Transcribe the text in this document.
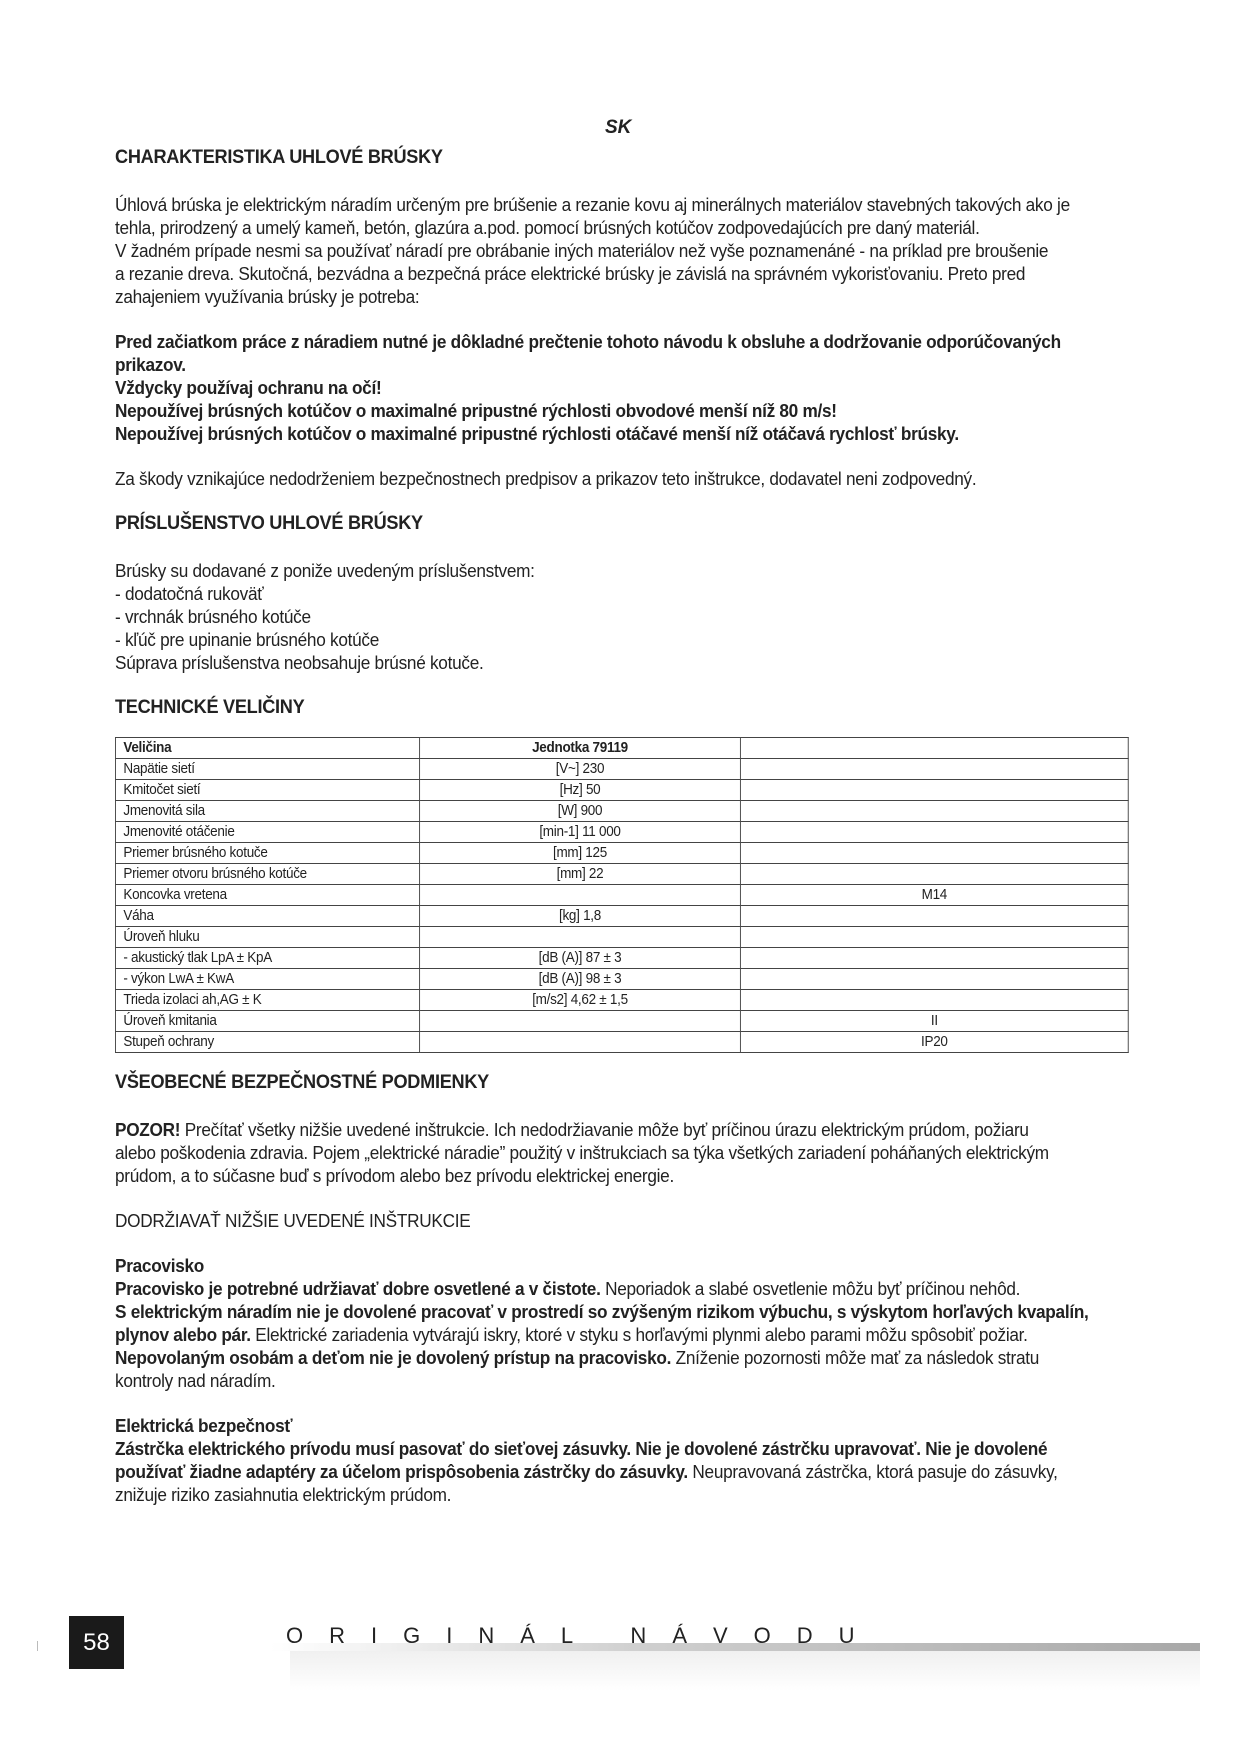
SK

CHARAKTERISTIKA UHLOVÉ BRÚSKY

Úhlová brúska je elektrickým náradím určeným pre brúšenie a rezanie kovu aj minerálnych materiálov stavebných takových ako je

tehla, prirodzený a umelý kameň, betón, glazúra a.pod. pomocí brúsných kotúčov zodpovedajúcích pre daný materiál.

V žadném prípade nesmi sa používať náradí pre obrábanie iných materiálov než vyše poznamenáné - na príklad pre broušenie

a rezanie dreva. Skutočná, bezvádna a bezpečná práce elektrické brúsky je závislá na správném vykorisťovaniu. Preto pred

zahajeniem využívania brúsky je potreba:

Pred začiatkom práce z náradiem nutné je dôkladné prečtenie tohoto návodu k obsluhe a dodržovanie odporúčovaných

prikazov.

Vždycky používaj ochranu na očí!

Nepoužívej brúsných kotúčov o maximalné pripustné rýchlosti obvodové menší níž 80 m/s!

Nepoužívej brúsných kotúčov o maximalné pripustné rýchlosti otáčavé menší níž otáčavá rychlosť brúsky.

Za škody vznikajúce nedodrženiem bezpečnostnech predpisov a prikazov teto inštrukce, dodavatel neni zodpovedný.

PRÍSLUŠENSTVO UHLOVÉ BRÚSKY

Brúsky su dodavané z poniže uvedeným príslušenstvem:

- dodatočná rukoväť

- vrchnák brúsného kotúče

- kľúč pre upinanie brúsného kotúče

Súprava príslušenstva neobsahuje brúsné kotuče.

TECHNICKÉ VELIČINY

Veličina	Jednotka 79119	
Napätie sietí	[V~] 230	
Kmitočet sietí	[Hz] 50	
Jmenovitá sila	[W] 900	
Jmenovité otáčenie	[min-1] 11 000	
Priemer brúsného kotuče	[mm] 125	
Priemer otvoru brúsného kotúče	[mm] 22	
Koncovka vretena		M14
Váha	[kg] 1,8	
Úroveň hluku		
- akustický tlak LpA ± KpA	[dB (A)] 87 ± 3	
- výkon LwA ± KwA	[dB (A)] 98 ± 3	
Trieda izolaci ah,AG ± K	[m/s2] 4,62 ± 1,5	
Úroveň kmitania		II
Stupeň ochrany		IP20

VŠEOBECNÉ BEZPEČNOSTNÉ PODMIENKY

POZOR! Prečítať všetky nižšie uvedené inštrukcie. Ich nedodržiavanie môže byť príčinou úrazu elektrickým prúdom, požiaru

alebo poškodenia zdravia. Pojem „elektrické náradie” použitý v inštrukciach sa týka všetkých zariadení poháňaných elektrickým

prúdom, a to súčasne buď s prívodom alebo bez prívodu elektrickej energie.

DODRŽIAVAŤ NIŽŠIE UVEDENÉ INŠTRUKCIE

Pracovisko

Pracovisko je potrebné udržiavať dobre osvetlené a v čistote. Neporiadok a slabé osvetlenie môžu byť príčinou nehôd.

S elektrickým náradím nie je dovolené pracovať v prostredí so zvýšeným rizikom výbuchu, s výskytom horľavých kvapalín,

plynov alebo pár. Elektrické zariadenia vytvárajú iskry, ktoré v styku s horľavými plynmi alebo parami môžu spôsobiť požiar.

Nepovolaným osobám a deťom nie je dovolený prístup na pracovisko. Zníženie pozornosti môže mať za následok stratu

kontroly nad náradím.

Elektrická bezpečnosť

Zástrčka elektrického prívodu musí pasovať do sieťovej zásuvky. Nie je dovolené zástrčku upravovať. Nie je dovolené

používať žiadne adaptéry za účelom prispôsobenia zástrčky do zásuvky. Neupravovaná zástrčka, ktorá pasuje do zásuvky,

znižuje riziko zasiahnutia elektrickým prúdom.

58	ORIGINÁL NÁVODU
